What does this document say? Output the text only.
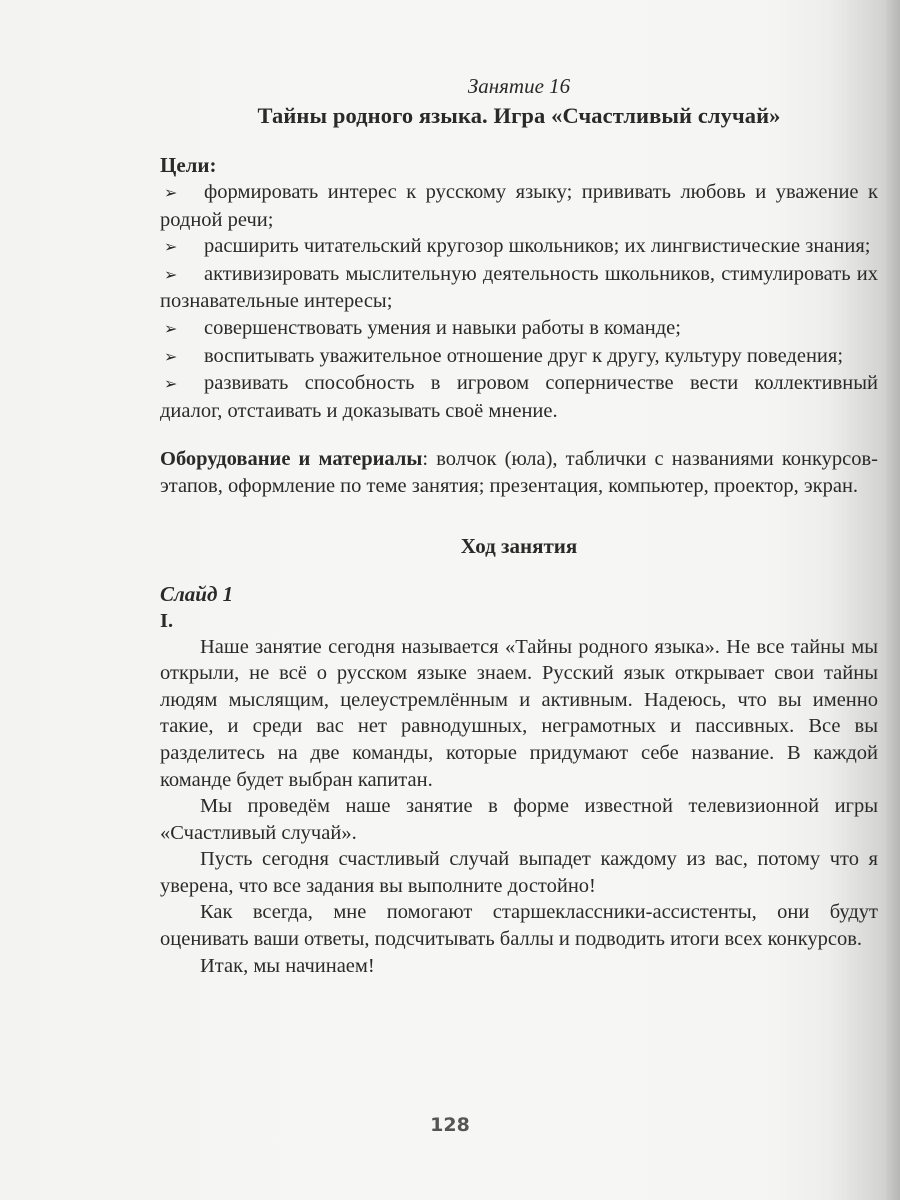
Занятие 16

Тайны родного языка. Игра «Счастливый случай»

Цели:

➢ формировать интерес к русскому языку; прививать любовь и уважение к родной речи;
➢ расширить читательский кругозор школьников; их лингвистические знания;
➢ активизировать мыслительную деятельность школьников, стимулировать их познавательные интересы;
➢ совершенствовать умения и навыки работы в команде;
➢ воспитывать уважительное отношение друг к другу, культуру поведения;
➢ развивать способность в игровом соперничестве вести коллективный диалог, отстаивать и доказывать своё мнение.

Оборудование и материалы: волчок (юла), таблички с названиями конкурсов-этапов, оформление по теме занятия; презентация, компьютер, проектор, экран.

Ход занятия

Слайд 1

I.

Наше занятие сегодня называется «Тайны родного языка». Не все тайны мы открыли, не всё о русском языке знаем. Русский язык открывает свои тайны людям мыслящим, целеустремлённым и активным. Надеюсь, что вы именно такие, и среди вас нет равнодушных, неграмотных и пассивных. Все вы разделитесь на две команды, которые придумают себе название. В каждой команде будет выбран капитан.

Мы проведём наше занятие в форме известной телевизионной игры «Счастливый случай».

Пусть сегодня счастливый случай выпадет каждому из вас, потому что я уверена, что все задания вы выполните достойно!

Как всегда, мне помогают старшеклассники-ассистенты, они будут оценивать ваши ответы, подсчитывать баллы и подводить итоги всех конкурсов.

Итак, мы начинаем!

128
